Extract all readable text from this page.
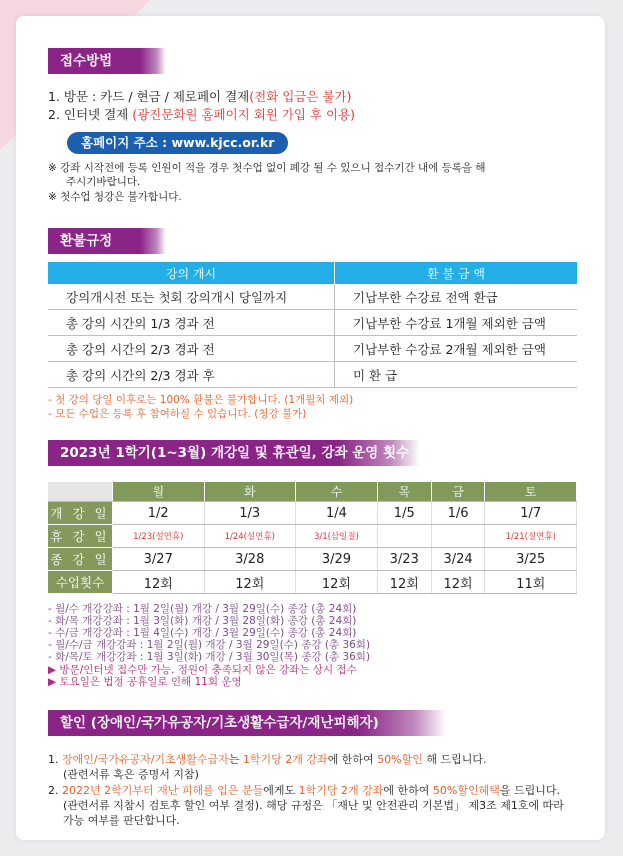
접수방법
1. 방문 : 카드 / 현금 / 제로페이 결제(전화 입금은 불가)
2. 인터넷 결제 (광진문화원 홈페이지 회원 가입 후 이용)
홈페이지 주소 : www.kjcc.or.kr
※ 강좌 시작전에 등록 인원이 적을 경우 첫수업 없이 폐강 될 수 있으니 접수기간 내에 등록을 해
주시기바랍니다.
※ 첫수업 청강은 불가합니다.
환불규정
강의 개시	환 불 금 액
강의개시전 또는 첫회 강의개시 당일까지	기납부한 수강료 전액 환급
총 강의 시간의 1/3 경과 전	기납부한 수강료 1개월 제외한 금액
총 강의 시간의 2/3 경과 전	기납부한 수강료 2개월 제외한 금액
총 강의 시간의 2/3 경과 후	미 환 급
- 첫 강의 당일 이후로는 100% 환불은 불가합니다. (1개월치 제외)
- 모든 수업은 등록 후 참여하실 수 있습니다. (청강 불가)
2023년 1학기(1~3월) 개강일 및 휴관일, 강좌 운영 횟수
	월	화	수	목	금	토
개 강 일	1/2	1/3	1/4	1/5	1/6	1/7
휴 강 일	1/23(설연휴)	1/24(설연휴)	3/1(삼일절)			1/21(설연휴)
종 강 일	3/27	3/28	3/29	3/23	3/24	3/25
수업횟수	12회	12회	12회	12회	12회	11회
- 월/수 개강강좌 : 1월 2일(월) 개강 / 3월 29일(수) 종강 (총 24회)
- 화/목 개강강좌 : 1월 3일(화) 개강 / 3월 28일(화) 종강 (총 24회)
- 수/금 개강강좌 : 1월 4일(수) 개강 / 3월 29일(수) 종강 (총 24회)
- 월/수/금 개강강좌 : 1월 2일(월) 개강 / 3월 29일(수) 종강 (총 36회)
- 화/목/토 개강강좌 : 1월 3일(화) 개강 / 3월 30일(목) 종강 (총 36회)
▶ 방문/인터넷 접수만 가능. 정원이 충족되지 않은 강좌는 상시 접수
▶ 토요일은 법정 공휴일로 인해 11회 운영
할인 (장애인/국가유공자/기초생활수급자/재난피해자)
1. 장애인/국가유공자/기초생활수급자는 1학기당 2개 강좌에 한하여 50%할인 해 드립니다.
(관련서류 혹은 증명서 지참)
2. 2022년 2학기부터 재난 피해를 입은 분들에게도 1학기당 2개 강좌에 한하여 50%할인혜택을 드립니다.
(관련서류 지참시 검토후 할인 여부 결정). 해당 규정은 「재난 및 안전관리 기본법」 제3조 제1호에 따라
가능 여부를 판단합니다.
